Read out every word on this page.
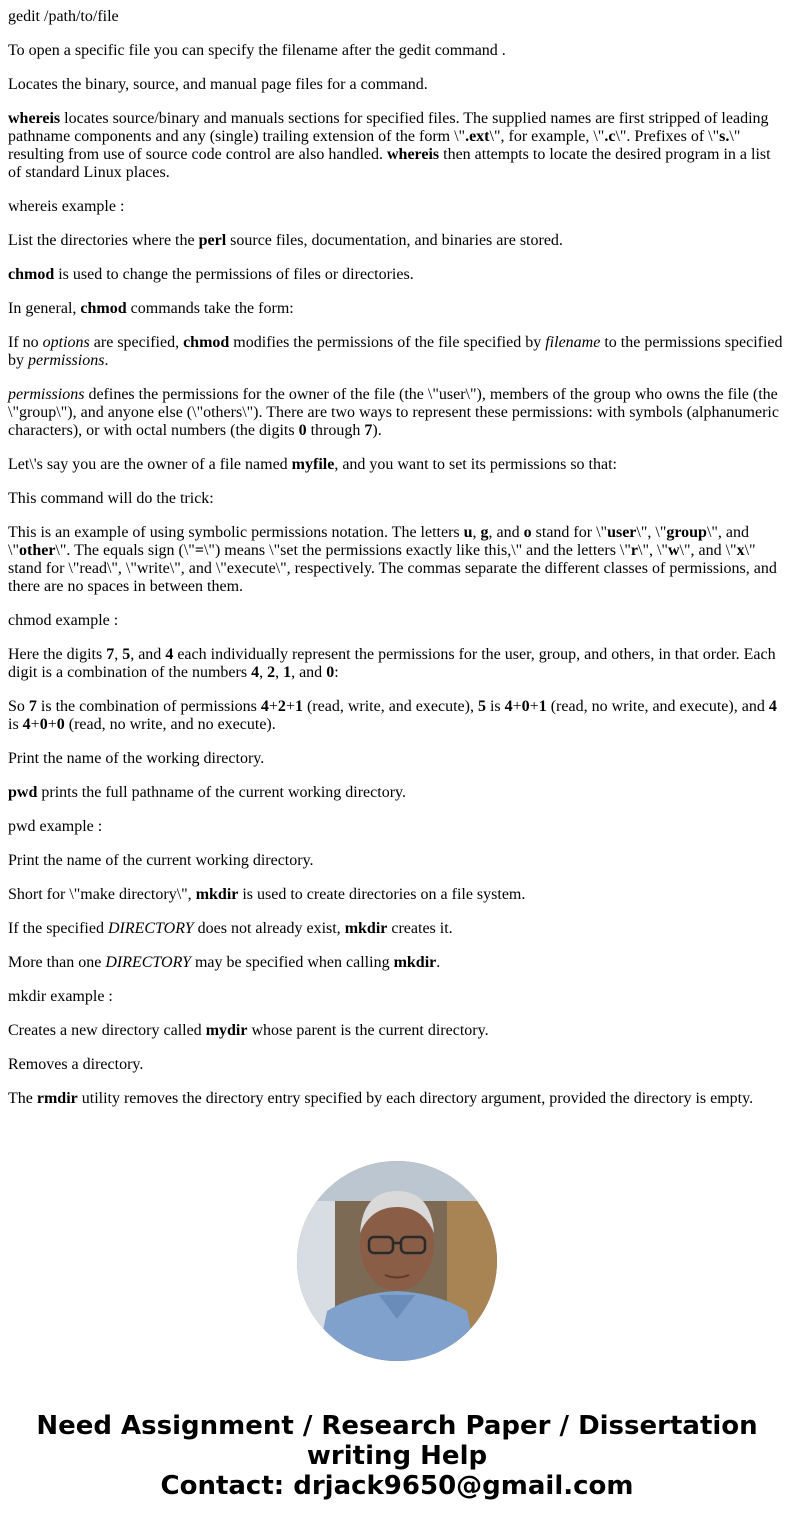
gedit /path/to/file

To open a specific file you can specify the filename after the gedit command .

Locates the binary, source, and manual page files for a command.

whereis locates source/binary and manuals sections for specified files. The supplied names are first stripped of leading pathname components and any (single) trailing extension of the form \".ext\", for example, \".c\". Prefixes of \"s.\" resulting from use of source code control are also handled. whereis then attempts to locate the desired program in a list of standard Linux places.

whereis example :

List the directories where the perl source files, documentation, and binaries are stored.

chmod is used to change the permissions of files or directories.

In general, chmod commands take the form:

If no options are specified, chmod modifies the permissions of the file specified by filename to the permissions specified by permissions.

permissions defines the permissions for the owner of the file (the \"user\"), members of the group who owns the file (the \"group\"), and anyone else (\"others\"). There are two ways to represent these permissions: with symbols (alphanumeric characters), or with octal numbers (the digits 0 through 7).

Let\'s say you are the owner of a file named myfile, and you want to set its permissions so that:

This command will do the trick:

This is an example of using symbolic permissions notation. The letters u, g, and o stand for \"user\", \"group\", and \"other\". The equals sign (\"=\") means \"set the permissions exactly like this,\" and the letters \"r\", \"w\", and \"x\" stand for \"read\", \"write\", and \"execute\", respectively. The commas separate the different classes of permissions, and there are no spaces in between them.

chmod example :

Here the digits 7, 5, and 4 each individually represent the permissions for the user, group, and others, in that order. Each digit is a combination of the numbers 4, 2, 1, and 0:

So 7 is the combination of permissions 4+2+1 (read, write, and execute), 5 is 4+0+1 (read, no write, and execute), and 4 is 4+0+0 (read, no write, and no execute).

Print the name of the working directory.

pwd prints the full pathname of the current working directory.

pwd example :

Print the name of the current working directory.

Short for \"make directory\", mkdir is used to create directories on a file system.

If the specified DIRECTORY does not already exist, mkdir creates it.

More than one DIRECTORY may be specified when calling mkdir.

mkdir example :

Creates a new directory called mydir whose parent is the current directory.

Removes a directory.

The rmdir utility removes the directory entry specified by each directory argument, provided the directory is empty.

Need Assignment / Research Paper / Dissertation
writing Help
Contact: drjack9650@gmail.com
